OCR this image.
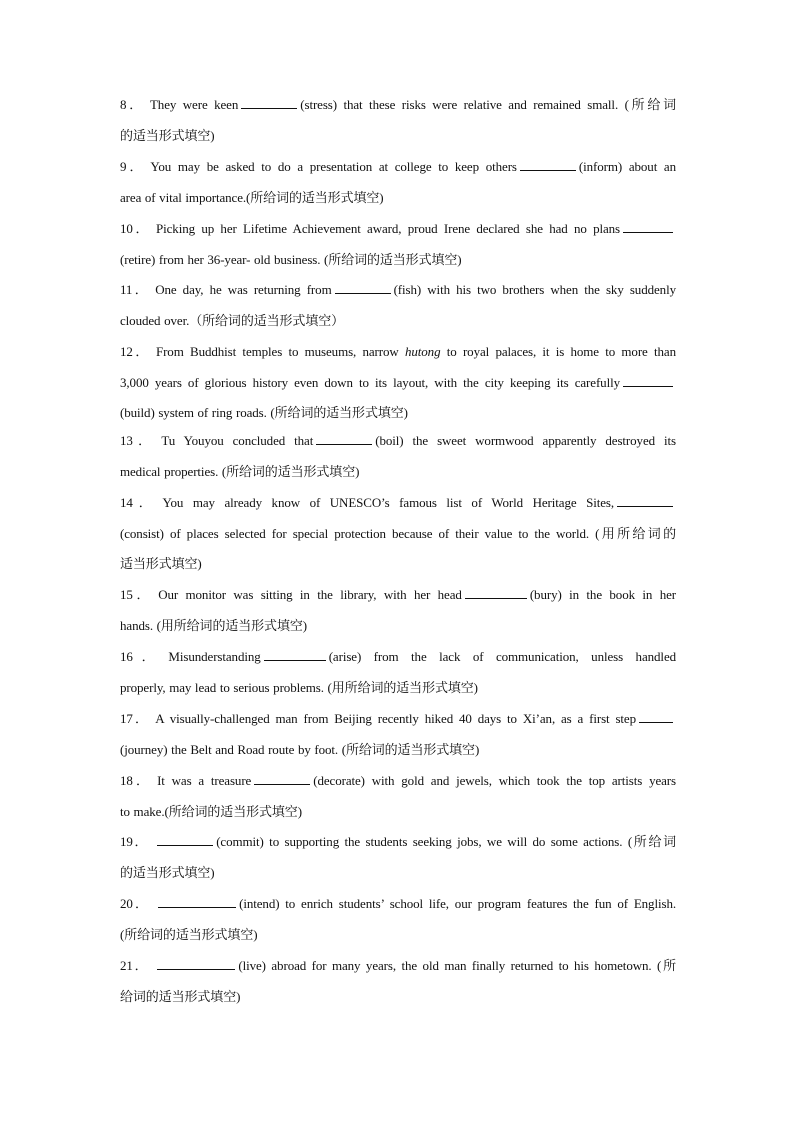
8． They were keen	(stress) that these risks were relative and remained small. (所给词
的适当形式填空)
9． You may be asked to do a presentation at college to keep others	(inform) about an
area of vital importance.(所给词的适当形式填空)
10． Picking up her Lifetime Achievement award, proud Irene declared she had no plans
(retire) from her 36-year- old business. (所给词的适当形式填空)
11． One day, he was returning from	(fish) with his two brothers when the sky suddenly
clouded over.（所给词的适当形式填空）
12． From Buddhist temples to museums, narrow hutong to royal palaces, it is home to more than
3,000 years of glorious history even down to its layout, with the city keeping its carefully
(build) system of ring roads. (所给词的适当形式填空)
13． Tu Youyou concluded that	(boil) the sweet wormwood apparently destroyed its
medical properties. (所给词的适当形式填空)
14． You may already know of UNESCO’s famous list of World Heritage Sites,
(consist) of places selected for special protection because of their value to the world. (用所给词的
适当形式填空)
15． Our monitor was sitting in the library, with her head	(bury) in the book in her
hands. (用所给词的适当形式填空)
16． Misunderstanding	(arise) from the lack of communication, unless handled
properly, may lead to serious problems. (用所给词的适当形式填空)
17． A visually-challenged man from Beijing recently hiked 40 days to Xi’an, as a first step
(journey) the Belt and Road route by foot. (所给词的适当形式填空)
18． It was a treasure	(decorate) with gold and jewels, which took the top artists years
to make.(所给词的适当形式填空)
19．	(commit) to supporting the students seeking jobs, we will do some actions. (所给词
的适当形式填空)
20．	(intend) to enrich students’ school life, our program features the fun of English.
(所给词的适当形式填空)
21．	(live) abroad for many years, the old man finally returned to his hometown. (所
给词的适当形式填空)
